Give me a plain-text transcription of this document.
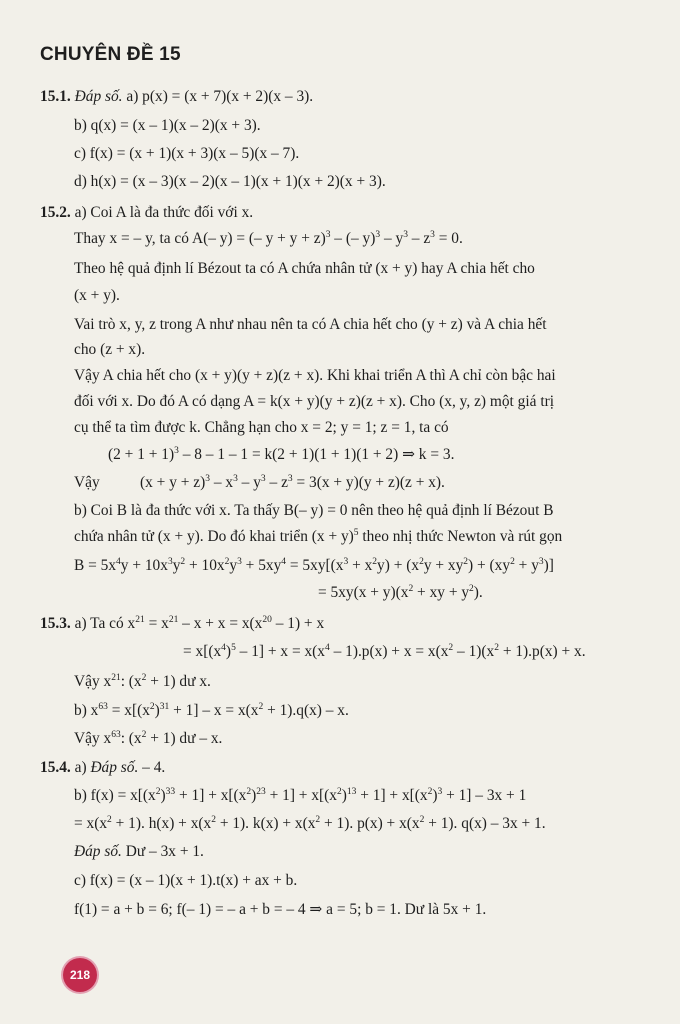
CHUYÊN ĐỀ 15
15.1. Đáp số. a) p(x) = (x + 7)(x + 2)(x – 3).
b) q(x) = (x – 1)(x – 2)(x + 3).
c) f(x) = (x + 1)(x + 3)(x – 5)(x – 7).
d) h(x) = (x – 3)(x – 2)(x – 1)(x + 1)(x + 2)(x + 3).
15.2. a) Coi A là đa thức đối với x.
Thay x = – y, ta có A(– y) = (– y + y + z)$^3$ – (– $y)^3 - y^3 - z^3 = 0$.
Theo hệ quả định lí Bézout ta có A chứa nhân tử (x + y) hay A chia hết cho
(x + y).
Vai trò x, y, z trong A như nhau nên ta có A chia hết cho (y + z) và A chia hết
cho (z + x).
Vậy A chia hết cho (x + y)(y + z)(z + x). Khi khai triển A thì A chỉ còn bậc hai
đối với x. Do đó A có dạng A = k(x + y)(y + z)(z + x). Cho (x, y, z) một giá trị
cụ thể ta tìm được k. Chẳng hạn cho x = 2; y = 1; z = 1, ta có
$(2 + 1 + 1)^3 - 8 - 1 - 1 = k(2 + 1)(1 + 1)(1 + 2)$ ⇒ k = 3.
Vậy	$(x + y + z)^3 - x^3 - y^3 - z^3 = 3(x + y)(y + z)(z + x)$.
b) Coi B là đa thức với x. Ta thấy B(– y) = 0 nên theo hệ quả định lí Bézout B
chứa nhân tử (x + y). Do đó khai triển $(x + y)^5$ theo nhị thức Newton và rút gọn
$B = 5x^4y + 10x^3y^2 + 10x^2y^3 + 5xy^4 = 5xy[(x^3 + x^2y) + (x^2y + xy^2) + (xy^2 + y^3)]$
= $5xy(x + y)(x^2$ + xy + $y^2$).
15.3. a) Ta có $x^{21} = x^{21} - x + x = x(x^{20} - 1) + x$
= $x[(x^4)^5 - 1] + x = x(x^4 - 1).p(x) + x = x(x^2 - 1)(x^2 + 1).p(x) + x$.
Vậy $x^{21}$: $(x^2 + 1)$ dư x.
b) $x^{63} = x[(x^2)^{31} + 1] - x = x(x^2 + 1).q(x) - x$.
Vậy $x^{63}$: $(x^2 + 1)$ dư – x.
15.4. a) Đáp số. – 4.
b) $f(x) = x[(x^2)^{33} + 1] + x[(x^2)^{23} + 1] + x[(x^2)^{13} + 1] + x[(x^2)^3 + 1] - 3x + 1$
= $x(x^2 + 1)$. $h(x) + x(x^2 + 1)$. $k(x) + x(x^2 + 1)$. $p(x) + x(x^2 + 1)$. q(x) – 3x + 1.
Đáp số. Dư – 3x + 1.
c) f(x) = (x – 1)(x + 1).t(x) + ax + b.
f(1) = a + b = 6; f(– 1) = – a + b = – 4 ⇒ a = 5; b = 1. Dư là 5x + 1.
218
